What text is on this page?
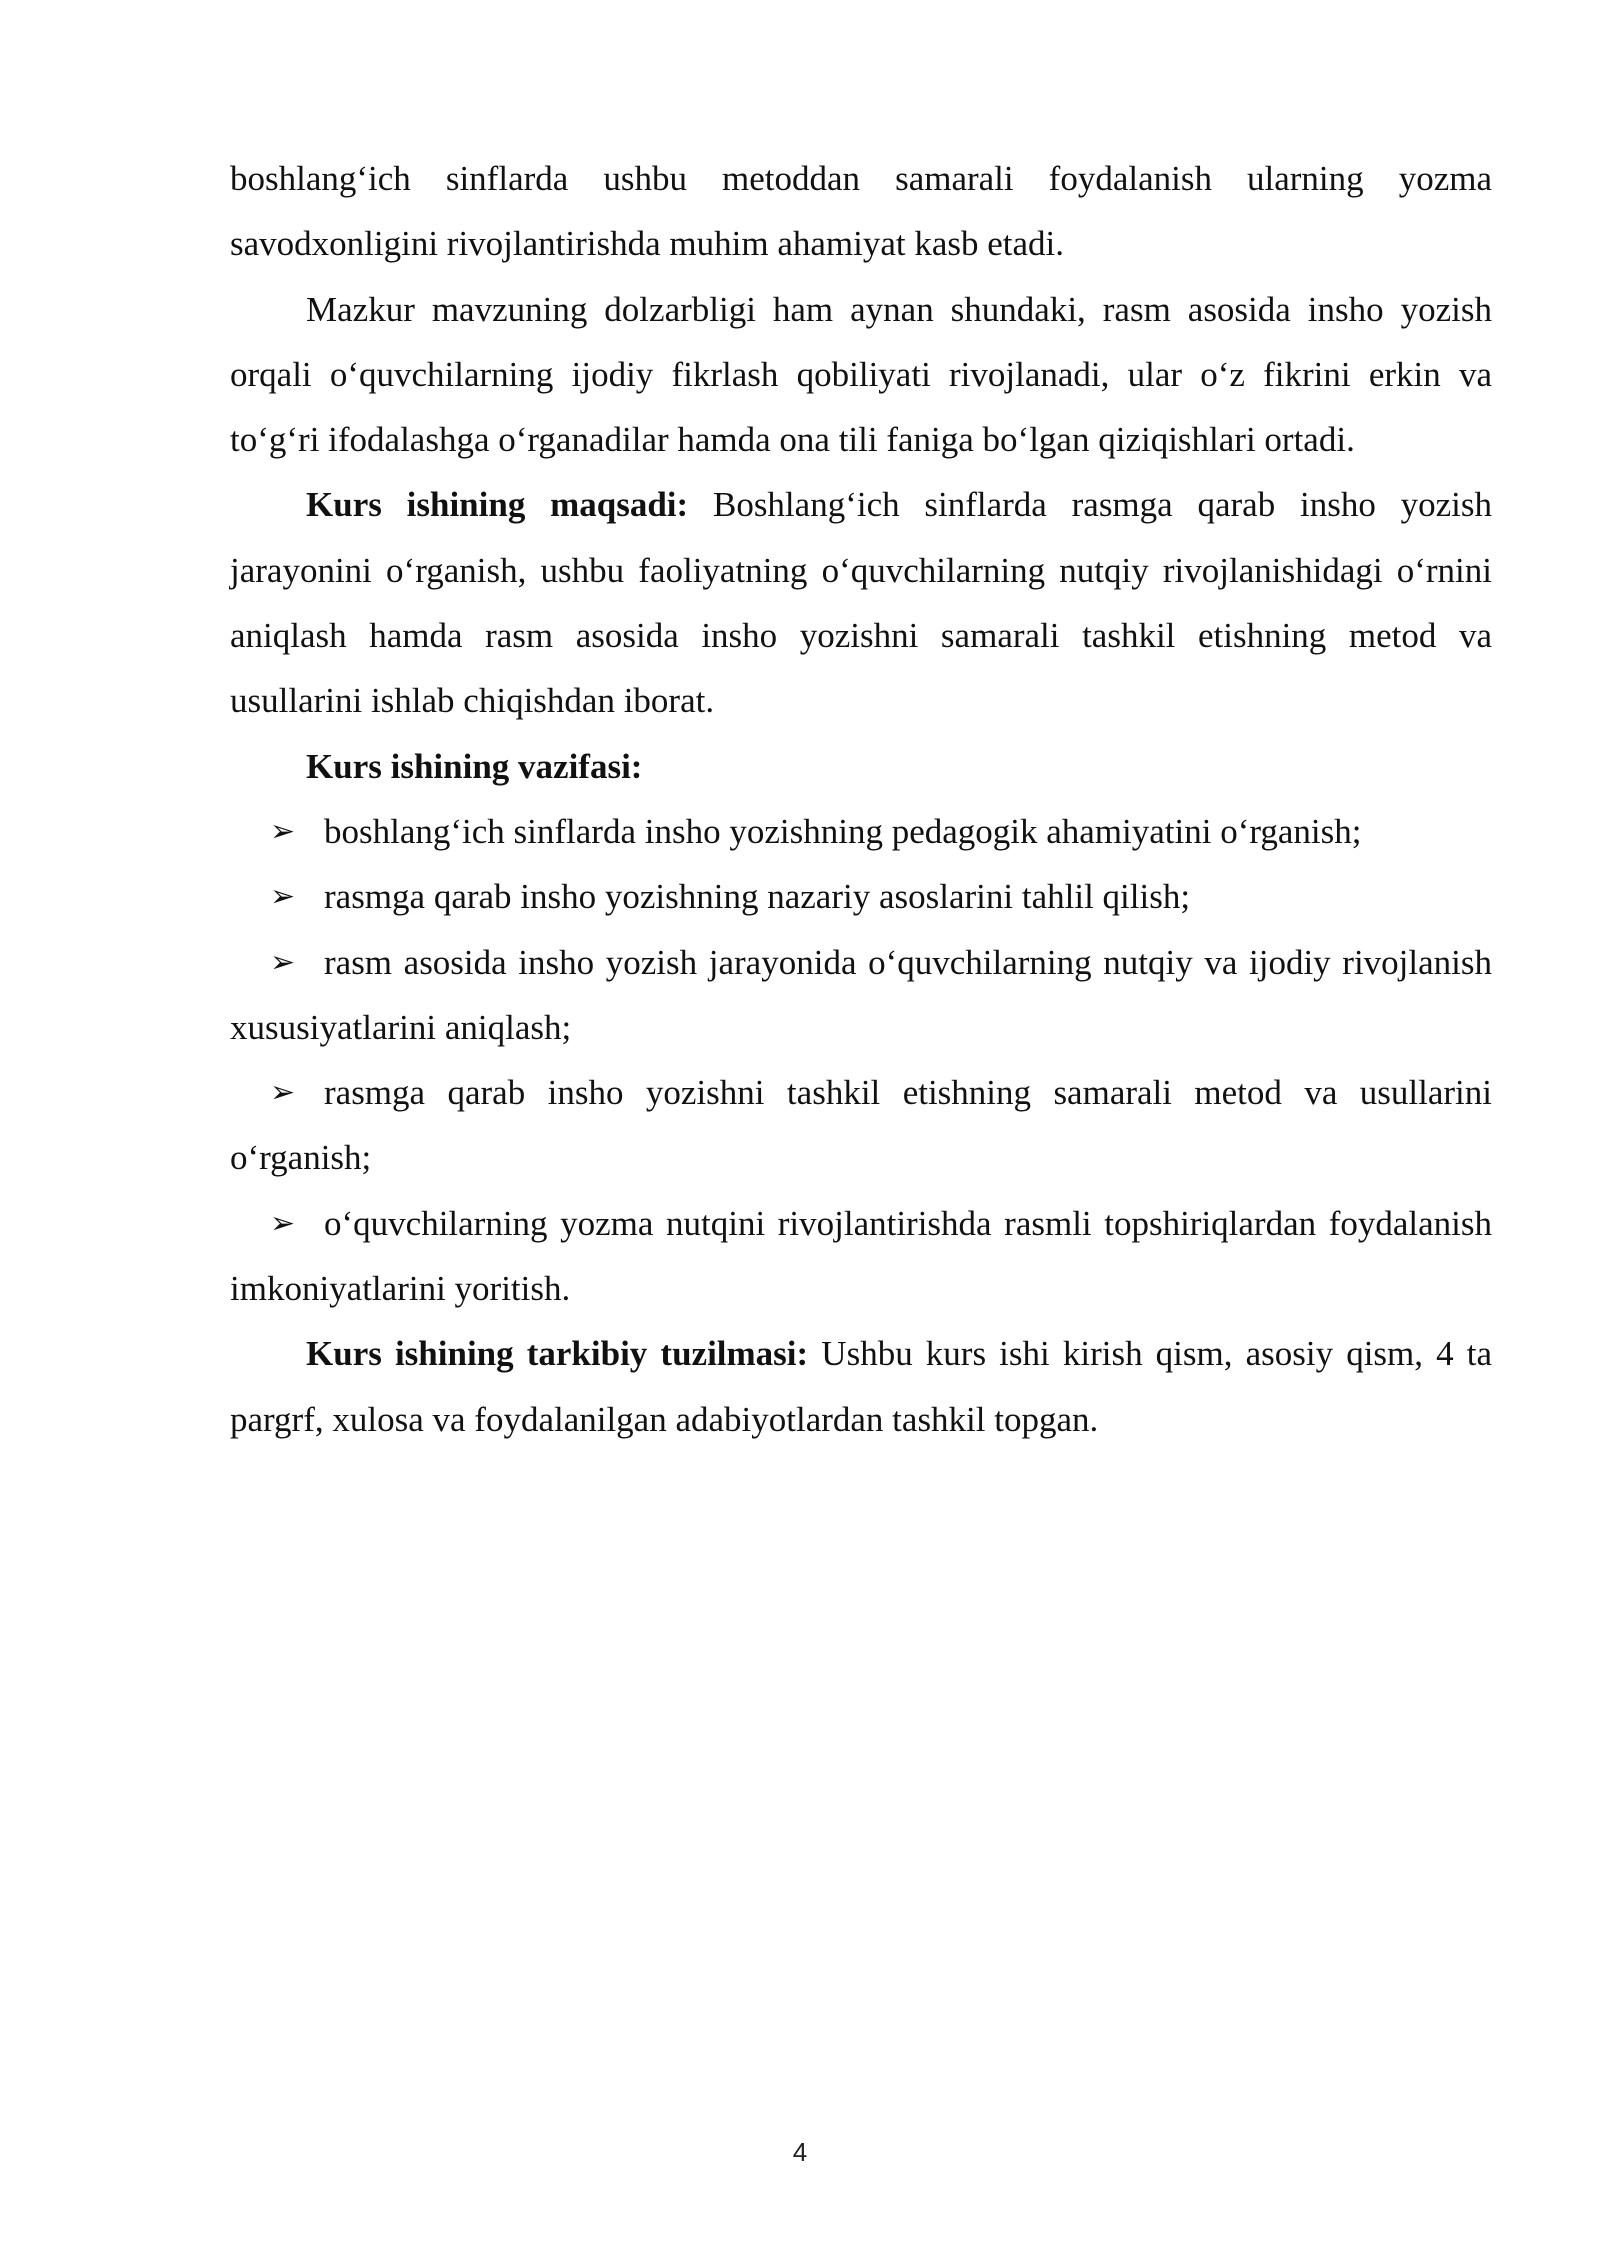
boshlang‘ich sinflarda ushbu metoddan samarali foydalanish ularning yozma savodxonligini rivojlantirishda muhim ahamiyat kasb etadi.

Mazkur mavzuning dolzarbligi ham aynan shundaki, rasm asosida insho yozish orqali o‘quvchilarning ijodiy fikrlash qobiliyati rivojlanadi, ular o‘z fikrini erkin va to‘g‘ri ifodalashga o‘rganadilar hamda ona tili faniga bo‘lgan qiziqishlari ortadi.

Kurs ishining maqsadi: Boshlang‘ich sinflarda rasmga qarab insho yozish jarayonini o‘rganish, ushbu faoliyatning o‘quvchilarning nutqiy rivojlanishidagi o‘rnini aniqlash hamda rasm asosida insho yozishni samarali tashkil etishning metod va usullarini ishlab chiqishdan iborat.

Kurs ishining vazifasi:

➢ boshlang‘ich sinflarda insho yozishning pedagogik ahamiyatini o‘rganish;

➢ rasmga qarab insho yozishning nazariy asoslarini tahlil qilish;

➢ rasm asosida insho yozish jarayonida o‘quvchilarning nutqiy va ijodiy rivojlanish xususiyatlarini aniqlash;

➢ rasmga qarab insho yozishni tashkil etishning samarali metod va usullarini o‘rganish;

➢ o‘quvchilarning yozma nutqini rivojlantirishda rasmli topshiriqlardan foydalanish imkoniyatlarini yoritish.

Kurs ishining tarkibiy tuzilmasi: Ushbu kurs ishi kirish qism, asosiy qism, 4 ta pargrf, xulosa va foydalanilgan adabiyotlardan tashkil topgan.

4
